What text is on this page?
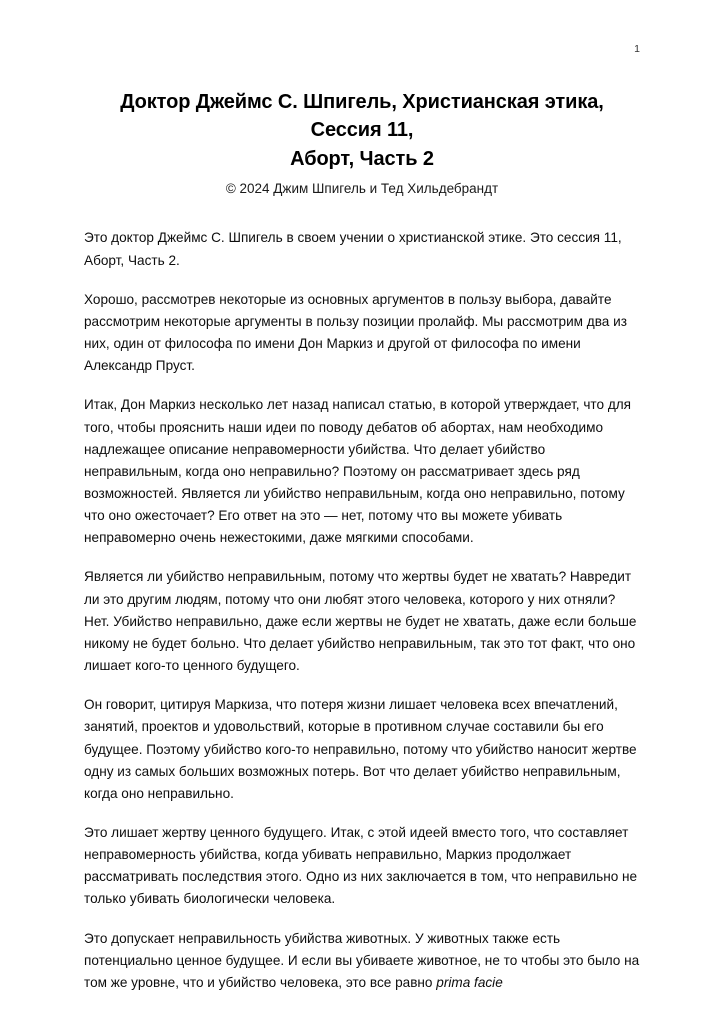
1
Доктор Джеймс С. Шпигель, Христианская этика,
Сессия 11,
Аборт, Часть 2
© 2024 Джим Шпигель и Тед Хильдебрандт

Это доктор Джеймс С. Шпигель в своем учении о христианской этике. Это сессия 11, Аборт, Часть 2.

Хорошо, рассмотрев некоторые из основных аргументов в пользу выбора, давайте рассмотрим некоторые аргументы в пользу позиции пролайф. Мы рассмотрим два из них, один от философа по имени Дон Маркиз и другой от философа по имени Александр Пруст.

Итак, Дон Маркиз несколько лет назад написал статью, в которой утверждает, что для того, чтобы прояснить наши идеи по поводу дебатов об абортах, нам необходимо надлежащее описание неправомерности убийства. Что делает убийство неправильным, когда оно неправильно? Поэтому он рассматривает здесь ряд возможностей. Является ли убийство неправильным, когда оно неправильно, потому что оно ожесточает? Его ответ на это — нет, потому что вы можете убивать неправомерно очень нежестокими, даже мягкими способами.

Является ли убийство неправильным, потому что жертвы будет не хватать? Навредит ли это другим людям, потому что они любят этого человека, которого у них отняли? Нет. Убийство неправильно, даже если жертвы не будет не хватать, даже если больше никому не будет больно. Что делает убийство неправильным, так это тот факт, что оно лишает кого-то ценного будущего.

Он говорит, цитируя Маркиза, что потеря жизни лишает человека всех впечатлений, занятий, проектов и удовольствий, которые в противном случае составили бы его будущее. Поэтому убийство кого-то неправильно, потому что убийство наносит жертве одну из самых больших возможных потерь. Вот что делает убийство неправильным, когда оно неправильно.

Это лишает жертву ценного будущего. Итак, с этой идеей вместо того, что составляет неправомерность убийства, когда убивать неправильно, Маркиз продолжает рассматривать последствия этого. Одно из них заключается в том, что неправильно не только убивать биологически человека.

Это допускает неправильность убийства животных. У животных также есть потенциально ценное будущее. И если вы убиваете животное, не то чтобы это было на том же уровне, что и убийство человека, это все равно prima facie
